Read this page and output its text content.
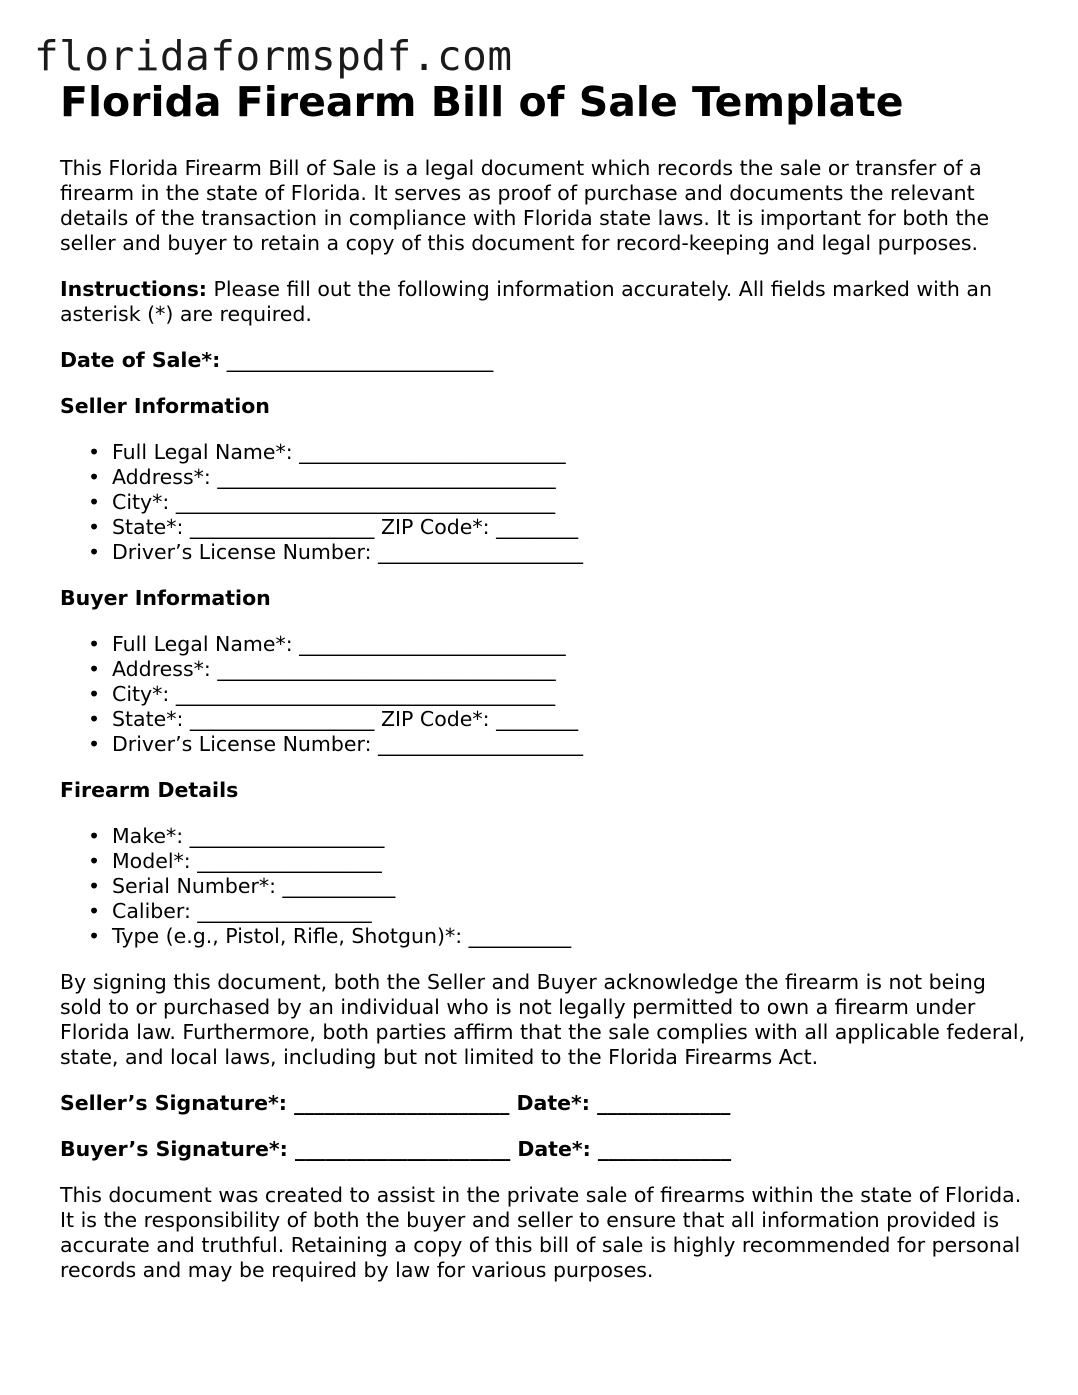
floridaformspdf.com
Florida Firearm Bill of Sale Template

This Florida Firearm Bill of Sale is a legal document which records the sale or transfer of a firearm in the state of Florida. It serves as proof of purchase and documents the relevant details of the transaction in compliance with Florida state laws. It is important for both the seller and buyer to retain a copy of this document for record-keeping and legal purposes.

Instructions: Please fill out the following information accurately. All fields marked with an asterisk (*) are required.

Date of Sale*: __________________________
Seller Information
• Full Legal Name*: __________________________
• Address*: _________________________________
• City*: _____________________________________
• State*: __________________ ZIP Code*: ________
• Driver’s License Number: ____________________
Buyer Information
• Full Legal Name*: __________________________
• Address*: _________________________________
• City*: _____________________________________
• State*: __________________ ZIP Code*: ________
• Driver’s License Number: ____________________
Firearm Details
• Make*: ___________________
• Model*: __________________
• Serial Number*: ___________
• Caliber: _________________
• Type (e.g., Pistol, Rifle, Shotgun)*: __________

By signing this document, both the Seller and Buyer acknowledge the firearm is not being sold to or purchased by an individual who is not legally permitted to own a firearm under Florida law. Furthermore, both parties affirm that the sale complies with all applicable federal, state, and local laws, including but not limited to the Florida Firearms Act.

Seller’s Signature*: _____________________ Date*: _____________
Buyer’s Signature*: _____________________ Date*: _____________

This document was created to assist in the private sale of firearms within the state of Florida. It is the responsibility of both the buyer and seller to ensure that all information provided is accurate and truthful. Retaining a copy of this bill of sale is highly recommended for personal records and may be required by law for various purposes.
